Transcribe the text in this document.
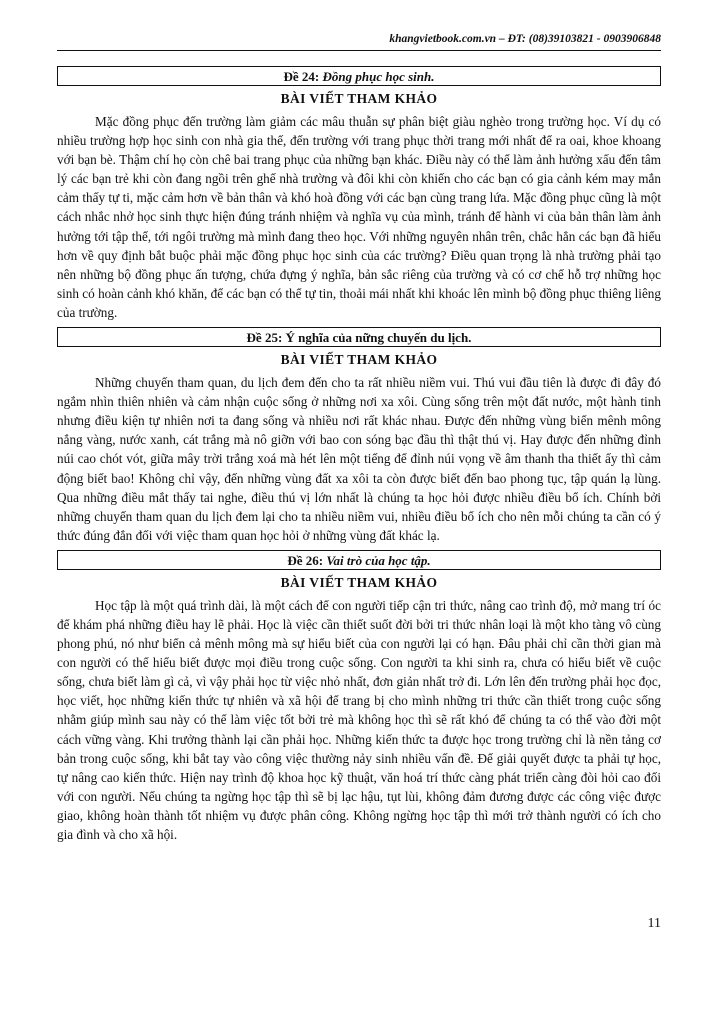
khangvietbook.com.vn – ĐT: (08)39103821 - 0903906848
Đề 24: Đồng phục học sinh.
BÀI VIẾT THAM KHẢO

Mặc đồng phục đến trường làm giảm các mâu thuẫn sự phân biệt giàu nghèo trong trường học. Ví dụ có nhiều trường hợp học sinh con nhà gia thế, đến trường với trang phục thời trang mới nhất để ra oai, khoe khoang với bạn bè. Thậm chí họ còn chê bai trang phục của những bạn khác. Điều này có thể làm ảnh hưởng xấu đến tâm lý các bạn trẻ khi còn đang ngồi trên ghế nhà trường và đôi khi còn khiến cho các bạn có gia cảnh kém may mắn cảm thấy tự ti, mặc cảm hơn về bản thân và khó hoà đồng với các bạn cùng trang lứa. Mặc đồng phục cũng là một cách nhắc nhở học sinh thực hiện đúng tránh nhiệm và nghĩa vụ của mình, tránh để hành vi của bản thân làm ảnh hưởng tới tập thể, tới ngôi trường mà mình đang theo học. Với những nguyên nhân trên, chắc hẳn các bạn đã hiểu hơn về quy định bắt buộc phải mặc đồng phục học sinh của các trường? Điều quan trọng là nhà trường phải tạo nên những bộ đồng phục ấn tượng, chứa đựng ý nghĩa, bản sắc riêng của trường và có cơ chế hỗ trợ những học sinh có hoàn cảnh khó khăn, để các bạn có thể tự tin, thoải mái nhất khi khoác lên mình bộ đồng phục thiêng liêng của trường.

Đề 25: Ý nghĩa của nững chuyến du lịch.
BÀI VIẾT THAM KHẢO

Những chuyến tham quan, du lịch đem đến cho ta rất nhiều niềm vui. Thú vui đầu tiên là được đi đây đó ngắm nhìn thiên nhiên và cảm nhận cuộc sống ở những nơi xa xôi. Cùng sống trên một đất nước, một hành tinh nhưng điều kiện tự nhiên nơi ta đang sống và nhiều nơi rất khác nhau. Được đến những vùng biển mênh mông nắng vàng, nước xanh, cát trắng mà nô giỡn với bao con sóng bạc đầu thì thật thú vị. Hay được đến những đỉnh núi cao chót vót, giữa mây trời trắng xoá mà hét lên một tiếng để đỉnh núi vọng về âm thanh tha thiết ấy thì cảm động biết bao! Không chỉ vậy, đến những vùng đất xa xôi ta còn được biết đến bao phong tục, tập quán lạ lùng. Qua những điều mắt thấy tai nghe, điều thú vị lớn nhất là chúng ta học hỏi được nhiều điều bổ ích. Chính bởi những chuyến tham quan du lịch đem lại cho ta nhiều niềm vui, nhiều điều bổ ích cho nên mỗi chúng ta cần có ý thức đúng đắn đối với việc tham quan học hỏi ở những vùng đất khác lạ.

Đề 26: Vai trò của học tập.
BÀI VIẾT THAM KHẢO

Học tập là một quá trình dài, là một cách để con người tiếp cận tri thức, nâng cao trình độ, mở mang trí óc để khám phá những điều hay lẽ phải. Học là việc cần thiết suốt đời bởi tri thức nhân loại là một kho tàng vô cùng phong phú, nó như biển cả mênh mông mà sự hiểu biết của con người lại có hạn. Đâu phải chỉ cần thời gian mà con người có thể hiểu biết được mọi điều trong cuộc sống. Con người ta khi sinh ra, chưa có hiểu biết về cuộc sống, chưa biết làm gì cả, vì vậy phải học từ việc nhỏ nhất, đơn giản nhất trở đi. Lớn lên đến trường phải học đọc, học viết, học những kiến thức tự nhiên và xã hội để trang bị cho mình những tri thức cần thiết trong cuộc sống nhằm giúp mình sau này có thể làm việc tốt bởi trẻ mà không học thì sẽ rất khó để chúng ta có thể vào đời một cách vững vàng. Khi trưởng thành lại cần phải học. Những kiến thức ta được học trong trường chỉ là nền tảng cơ bản trong cuộc sống, khi bắt tay vào công việc thường nảy sinh nhiều vấn đề. Để giải quyết được ta phải tự học, tự nâng cao kiến thức. Hiện nay trình độ khoa học kỹ thuật, văn hoá trí thức càng phát triển càng đòi hỏi cao đối với con người. Nếu chúng ta ngừng học tập thì sẽ bị lạc hậu, tụt lùi, không đảm đương được các công việc được giao, không hoàn thành tốt nhiệm vụ được phân công. Không ngừng học tập thì mới trở thành người có ích cho gia đình và cho xã hội.

11
